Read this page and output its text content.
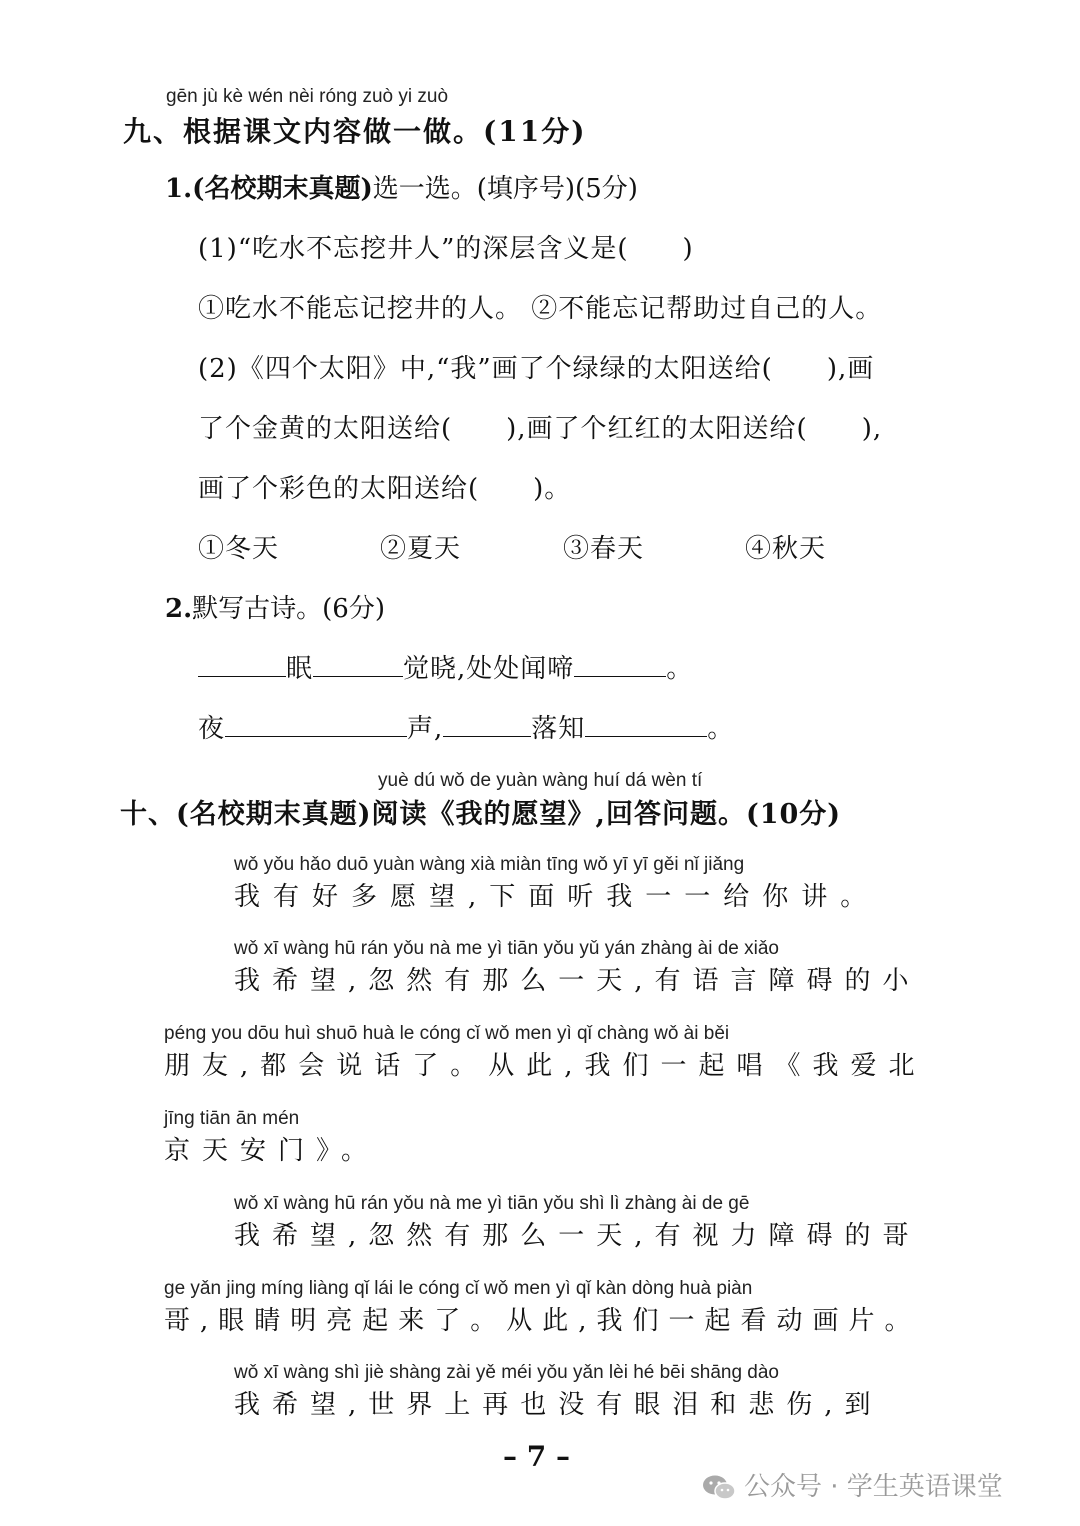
gēn jù kè wén nèi róng zuò yi zuò
九、根据课文内容做一做。(11分)
1.(名校期末真题)选一选。(填序号)(5分)
(1)“吃水不忘挖井人”的深层含义是(　　)
①吃水不能忘记挖井的人。 ②不能忘记帮助过自己的人。
(2)《四个太阳》中,“我”画了个绿绿的太阳送给(　　),画
了个金黄的太阳送给(　　),画了个红红的太阳送给(　　),
画了个彩色的太阳送给(　　)。
①冬天	②夏天	③春天	④秋天
2.默写古诗。(6分)
眠	觉晓,处处闻啼	。
夜	声,	落知	。
yuè dú wǒ de yuàn wàng huí dá wèn tí
十、(名校期末真题)阅读《我的愿望》,回答问题。(10分)
wǒ yǒu hǎo duō yuàn wàng xià miàn tīng wǒ yī yī gěi nǐ jiǎng
我有好多愿望,下面听我一一给你讲。
wǒ xī wàng hū rán yǒu nà me yì tiān yǒu yǔ yán zhàng ài de xiǎo
我希望,忽然有那么一天,有语言障碍的小
péng you dōu huì shuō huà le cóng cǐ wǒ men yì qǐ chàng wǒ ài běi
朋友,都会说话了。从此,我们一起唱《我爱北
jīng tiān ān mén
京天安门》。
wǒ xī wàng hū rán yǒu nà me yì tiān yǒu shì lì zhàng ài de gē
我希望,忽然有那么一天,有视力障碍的哥
ge yǎn jing míng liàng qǐ lái le cóng cǐ wǒ men yì qǐ kàn dòng huà piàn
哥,眼睛明亮起来了。从此,我们一起看动画片。
wǒ xī wàng shì jiè shàng zài yě méi yǒu yǎn lèi hé bēi shāng dào
我希望,世界上再也没有眼泪和悲伤,到
– 7 –
公众号 · 学生英语课堂
